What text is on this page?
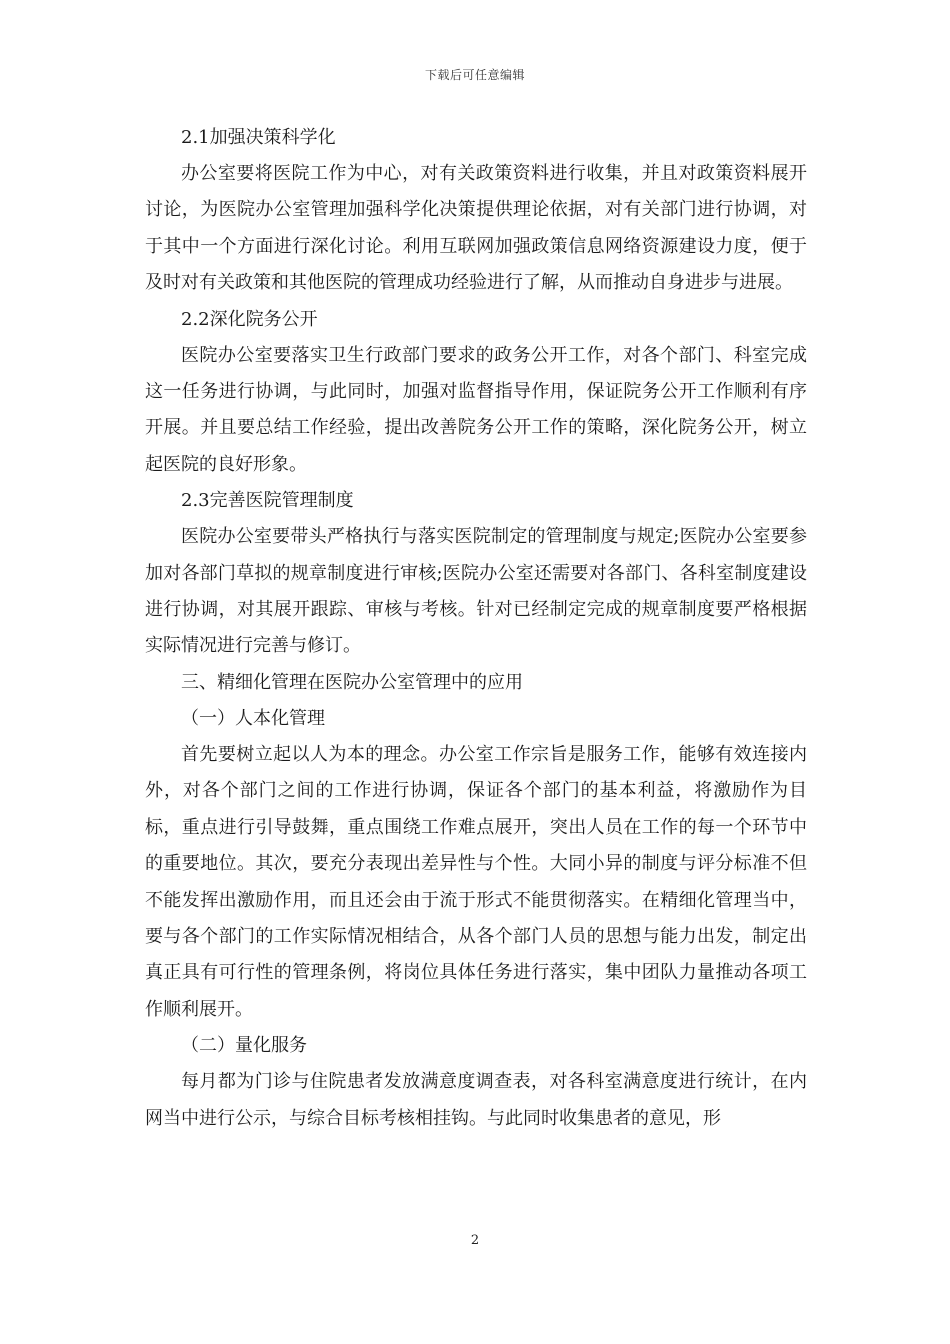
下载后可任意编辑
2.1加强决策科学化

办公室要将医院工作为中心，对有关政策资料进行收集，并且对政策资料展开讨论，为医院办公室管理加强科学化决策提供理论依据，对有关部门进行协调，对于其中一个方面进行深化讨论。利用互联网加强政策信息网络资源建设力度，便于及时对有关政策和其他医院的管理成功经验进行了解，从而推动自身进步与进展。

2.2深化院务公开

医院办公室要落实卫生行政部门要求的政务公开工作，对各个部门、科室完成这一任务进行协调，与此同时，加强对监督指导作用，保证院务公开工作顺利有序开展。并且要总结工作经验，提出改善院务公开工作的策略，深化院务公开，树立起医院的良好形象。

2.3完善医院管理制度

医院办公室要带头严格执行与落实医院制定的管理制度与规定;医院办公室要参加对各部门草拟的规章制度进行审核;医院办公室还需要对各部门、各科室制度建设进行协调，对其展开跟踪、审核与考核。针对已经制定完成的规章制度要严格根据实际情况进行完善与修订。

三、精细化管理在医院办公室管理中的应用
（一）人本化管理

首先要树立起以人为本的理念。办公室工作宗旨是服务工作，能够有效连接内外，对各个部门之间的工作进行协调，保证各个部门的基本利益，将激励作为目标，重点进行引导鼓舞，重点围绕工作难点展开，突出人员在工作的每一个环节中的重要地位。其次，要充分表现出差异性与个性。大同小异的制度与评分标准不但不能发挥出激励作用，而且还会由于流于形式不能贯彻落实。在精细化管理当中，要与各个部门的工作实际情况相结合，从各个部门人员的思想与能力出发，制定出真正具有可行性的管理条例，将岗位具体任务进行落实，集中团队力量推动各项工作顺利展开。

（二）量化服务

每月都为门诊与住院患者发放满意度调查表，对各科室满意度进行统计，在内网当中进行公示，与综合目标考核相挂钩。与此同时收集患者的意见，形

2
